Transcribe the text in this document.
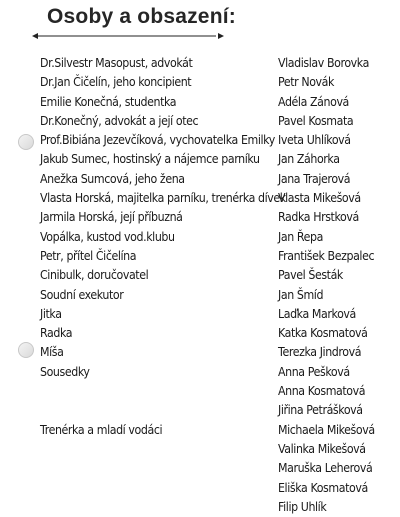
Osoby a obsazení:
Dr.Silvestr Masopust, advokát
Dr.Jan Čičelín, jeho koncipient
Emilie Konečná, studentka
Dr.Konečný, advokát a její otec
Prof.Bibiána Jezevčíková, vychovatelka Emilky
Jakub Sumec, hostinský a nájemce parníku
Anežka Sumcová, jeho žena
Vlasta Horská, majitelka parníku, trenérka dívek
Jarmila Horská, její příbuzná
Vopálka, kustod vod.klubu
Petr, přítel Čičelína
Cinibulk, doručovatel
Soudní exekutor
Jitka
Radka
Míša
Sousedky
Trenérka a mladí vodáci
Vladislav Borovka
Petr Novák
Adéla Zánová
Pavel Kosmata
Iveta Uhlíková
Jan Záhorka
Jana Trajerová
Vlasta Mikešová
Radka Hrstková
Jan Řepa
František Bezpalec
Pavel Šesták
Jan Šmíd
Laďka Marková
Katka Kosmatová
Terezka Jindrová
Anna Pešková
Anna Kosmatová
Jiřina Petrášková
Michaela Mikešová
Valinka Mikešová
Maruška Leherová
Eliška Kosmatová
Filip Uhlík
